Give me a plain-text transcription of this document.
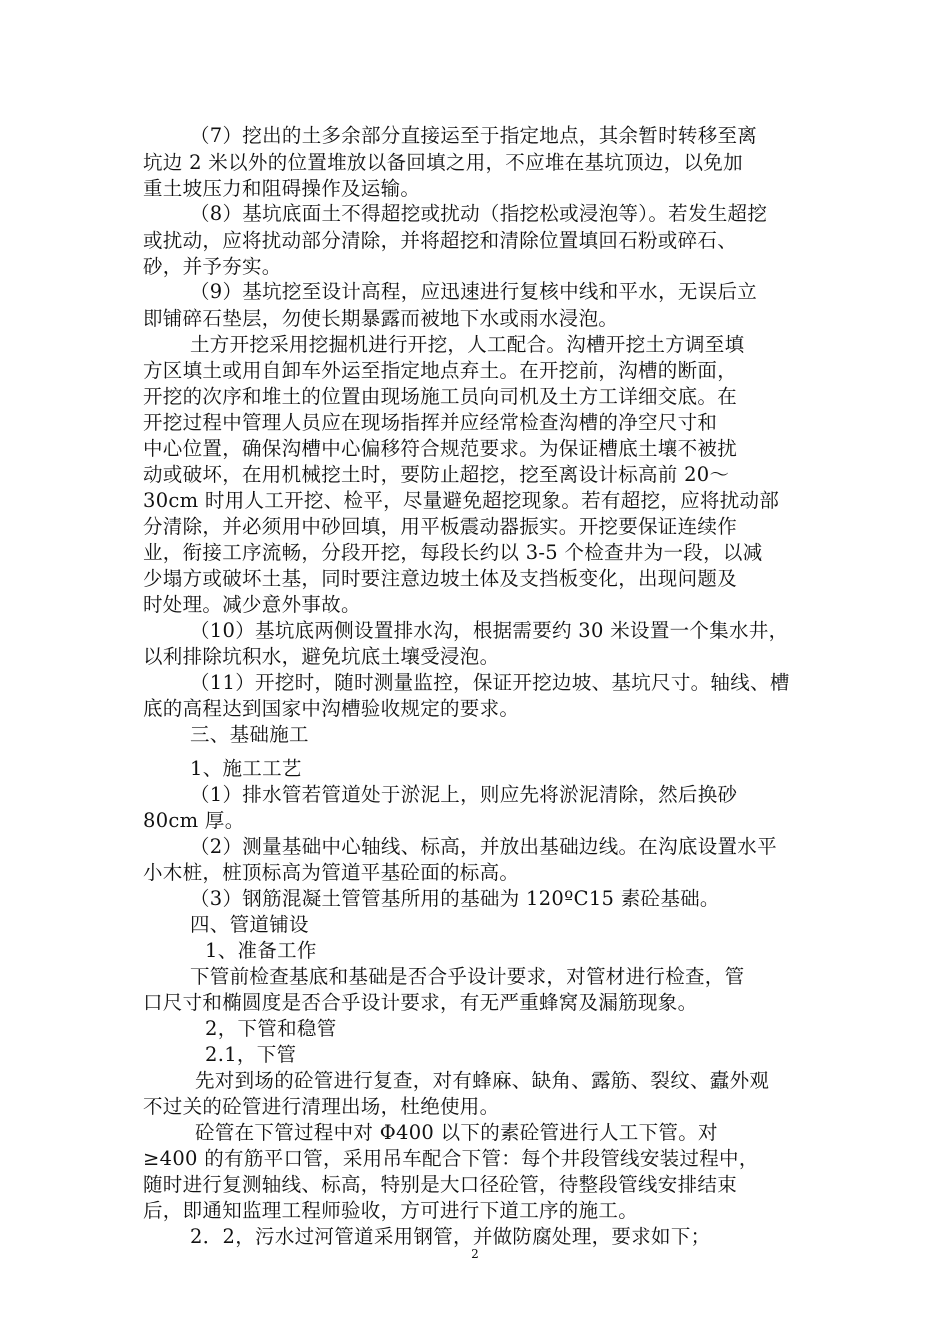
（7）挖出的土多余部分直接运至于指定地点，其余暂时转移至离
坑边 2 米以外的位置堆放以备回填之用，不应堆在基坑顶边，以免加
重土坡压力和阻碍操作及运输。
（8）基坑底面土不得超挖或扰动（指挖松或浸泡等）。若发生超挖
或扰动，应将扰动部分清除，并将超挖和清除位置填回石粉或碎石、
砂，并予夯实。
（9）基坑挖至设计高程，应迅速进行复核中线和平水，无误后立
即铺碎石垫层，勿使长期暴露而被地下水或雨水浸泡。
土方开挖采用挖掘机进行开挖，人工配合。沟槽开挖土方调至填
方区填土或用自卸车外运至指定地点弃土。在开挖前，沟槽的断面，
开挖的次序和堆土的位置由现场施工员向司机及土方工详细交底。在
开挖过程中管理人员应在现场指挥并应经常检查沟槽的净空尺寸和
中心位置，确保沟槽中心偏移符合规范要求。为保证槽底土壤不被扰
动或破坏，在用机械挖土时，要防止超挖，挖至离设计标高前 20～
30cm 时用人工开挖、检平，尽量避免超挖现象。若有超挖，应将扰动部
分清除，并必须用中砂回填，用平板震动器振实。开挖要保证连续作
业，衔接工序流畅，分段开挖，每段长约以 3-5 个检查井为一段，以减
少塌方或破坏土基，同时要注意边坡土体及支挡板变化，出现问题及
时处理。减少意外事故。
（10）基坑底两侧设置排水沟，根据需要约 30 米设置一个集水井，
以利排除坑积水，避免坑底土壤受浸泡。
（11）开挖时，随时测量监控，保证开挖边坡、基坑尺寸。轴线、槽
底的高程达到国家中沟槽验收规定的要求。
三、基础施工
1、施工工艺
（1）排水管若管道处于淤泥上，则应先将淤泥清除，然后换砂
80cm 厚。
（2）测量基础中心轴线、标高，并放出基础边线。在沟底设置水平
小木桩，桩顶标高为管道平基砼面的标高。
（3）钢筋混凝土管管基所用的基础为 120ºC15 素砼基础。
四、管道铺设
1、准备工作
下管前检查基底和基础是否合乎设计要求，对管材进行检查，管
口尺寸和椭圆度是否合乎设计要求，有无严重蜂窝及漏筋现象。
2，下管和稳管
2.1，下管
先对到场的砼管进行复查，对有蜂麻、缺角、露筋、裂纹、蠹外观
不过关的砼管进行清理出场，杜绝使用。
砼管在下管过程中对 Φ400 以下的素砼管进行人工下管。对
≥400 的有筋平口管，采用吊车配合下管：每个井段管线安装过程中，
随时进行复测轴线、标高，特别是大口径砼管，待整段管线安排结束
后，即通知监理工程师验收，方可进行下道工序的施工。
2．2，污水过河管道采用钢管，并做防腐处理，要求如下；
2
